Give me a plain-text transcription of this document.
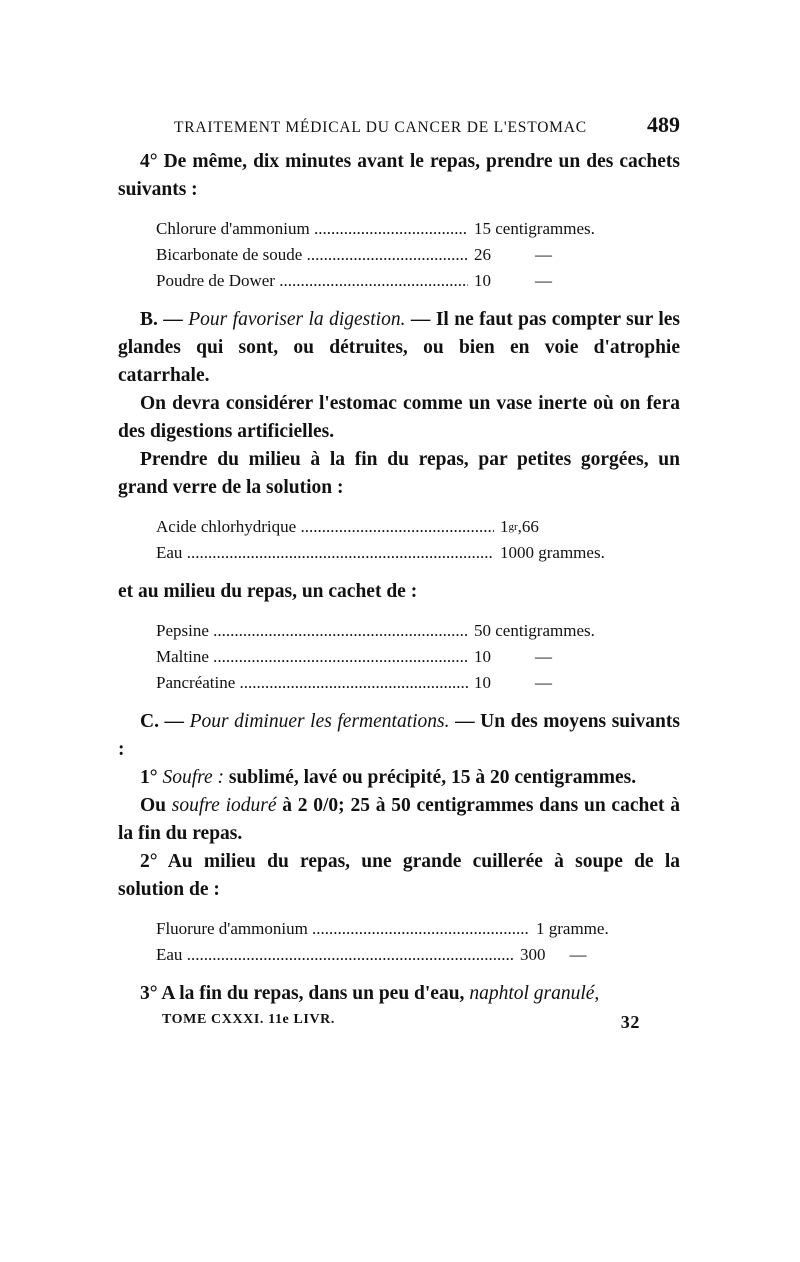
TRAITEMENT MÉDICAL DU CANCER DE L'ESTOMAC	489

4° De même, dix minutes avant le repas, prendre un des cachets suivants :

Chlorure d'ammonium .....	15 centigrammes.
Bicarbonate de soude .....	26	—
Poudre de Dower .....	10	—

B. — Pour favoriser la digestion. — Il ne faut pas compter sur les glandes qui sont, ou détruites, ou bien en voie d'atrophie catarrhale.

On devra considérer l'estomac comme un vase inerte où on fera des digestions artificielles.

Prendre du milieu à la fin du repas, par petites gorgées, un grand verre de la solution :

Acide chlorhydrique .....	$1^{gr},66$
Eau .....	1000 grammes.

et au milieu du repas, un cachet de :

Pepsine .....	50 centigrammes.
Maltine .....	10	—
Pancréatine .....	10	—

C. — Pour diminuer les fermentations. — Un des moyens suivants :

1° Soufre : sublimé, lavé ou précipité, 15 à 20 centigrammes.

Ou soufre ioduré à 2 0/0; 25 à 50 centigrammes dans un cachet à la fin du repas.

2° Au milieu du repas, une grande cuillerée à soupe de la solution de :

Fluorure d'ammonium .....	1 gramme.
Eau .....	300 —

3° A la fin du repas, dans un peu d'eau, naphtol granulé,

TOME CXXXI. 11e LIVR.	32
